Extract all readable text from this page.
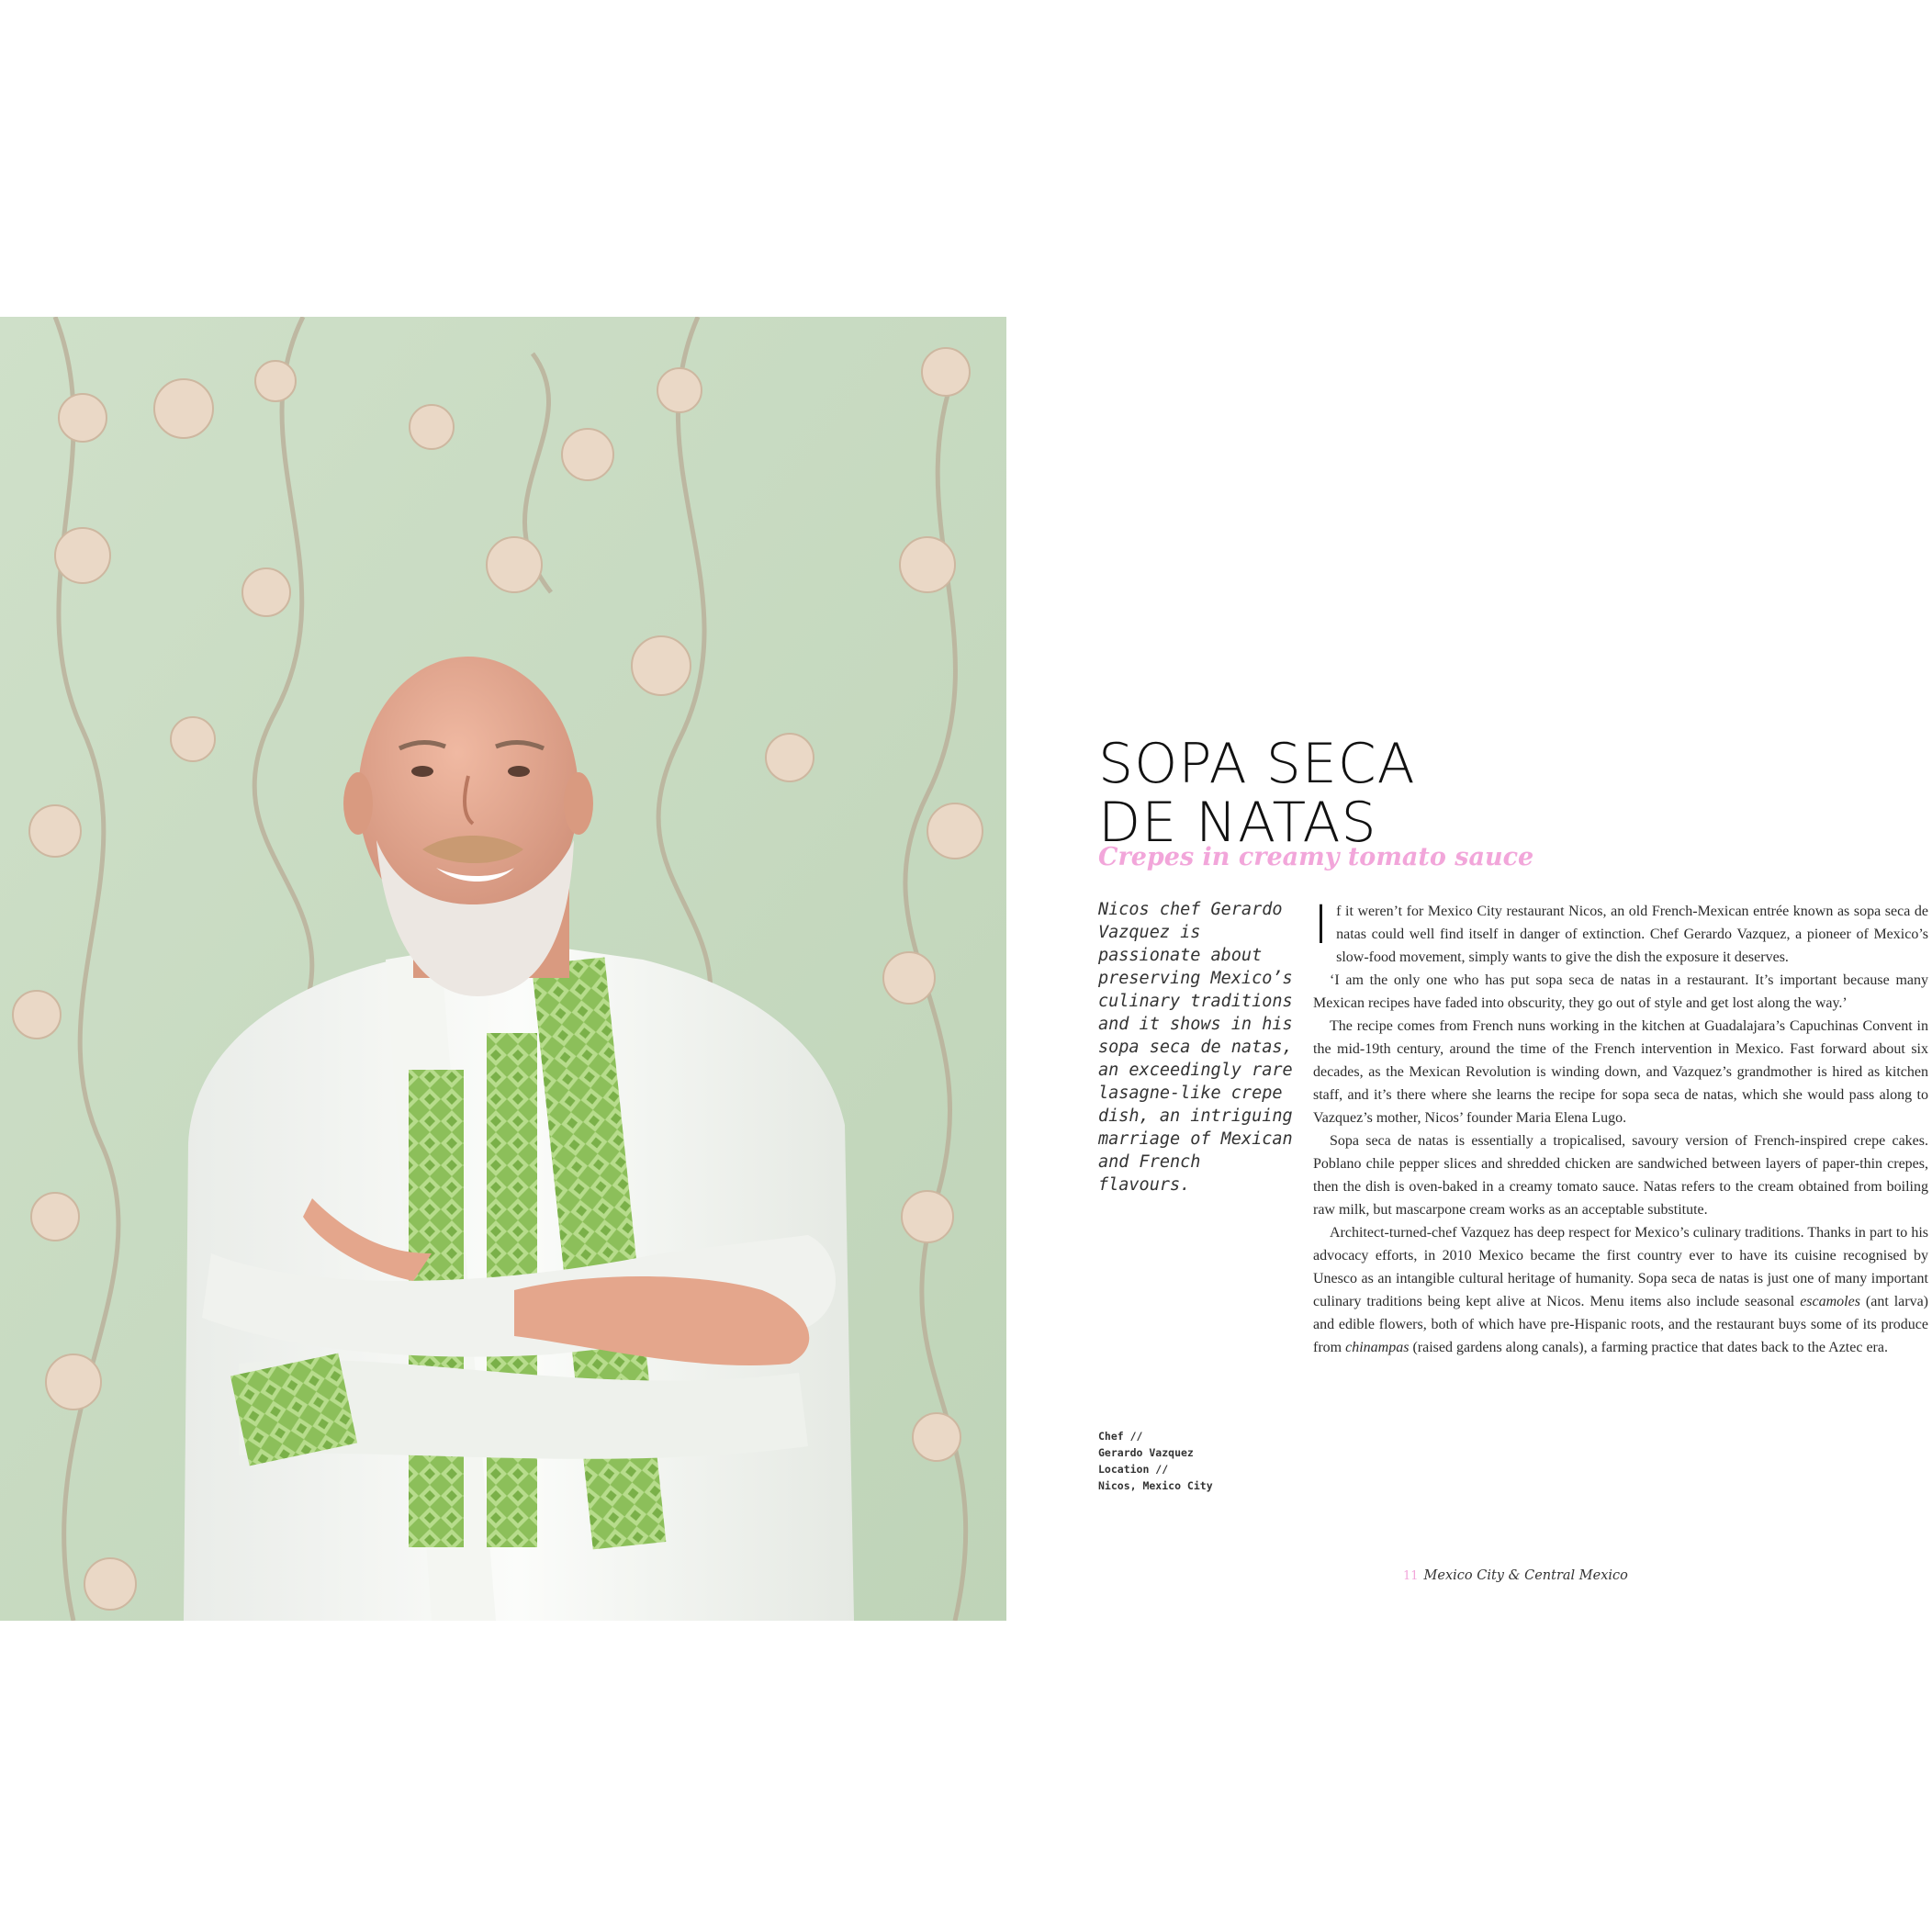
SOPA SECA
DE NATAS
Crepes in creamy tomato sauce

Nicos chef Gerardo Vazquez is passionate about preserving Mexico’s culinary traditions and it shows in his sopa seca de natas, an exceedingly rare lasagne-like crepe dish, an intriguing marriage of Mexican and French flavours.

Chef //
Gerardo Vazquez
Location //
Nicos, Mexico City

If it weren’t for Mexico City restaurant Nicos, an old French-Mexican entrée known as sopa seca de natas could well find itself in danger of extinction. Chef Gerardo Vazquez, a pioneer of Mexico’s slow-food movement, simply wants to give the dish the exposure it deserves.

‘I am the only one who has put sopa seca de natas in a restaurant. It’s important because many Mexican recipes have faded into obscurity, they go out of style and get lost along the way.’

The recipe comes from French nuns working in the kitchen at Guadalajara’s Capuchinas Convent in the mid-19th century, around the time of the French intervention in Mexico. Fast forward about six decades, as the Mexican Revolution is winding down, and Vazquez’s grandmother is hired as kitchen staff, and it’s there where she learns the recipe for sopa seca de natas, which she would pass along to Vazquez’s mother, Nicos’ founder Maria Elena Lugo.

Sopa seca de natas is essentially a tropicalised, savoury version of French-inspired crepe cakes. Poblano chile pepper slices and shredded chicken are sandwiched between layers of paper-thin crepes, then the dish is oven-baked in a creamy tomato sauce. Natas refers to the cream obtained from boiling raw milk, but mascarpone cream works as an acceptable substitute.

Architect-turned-chef Vazquez has deep respect for Mexico’s culinary traditions. Thanks in part to his advocacy efforts, in 2010 Mexico became the first country ever to have its cuisine recognised by Unesco as an intangible cultural heritage of humanity. Sopa seca de natas is just one of many important culinary traditions being kept alive at Nicos. Menu items also include seasonal escamoles (ant larva) and edible flowers, both of which have pre-Hispanic roots, and the restaurant buys some of its produce from chinampas (raised gardens along canals), a farming practice that dates back to the Aztec era.

11 Mexico City & Central Mexico
